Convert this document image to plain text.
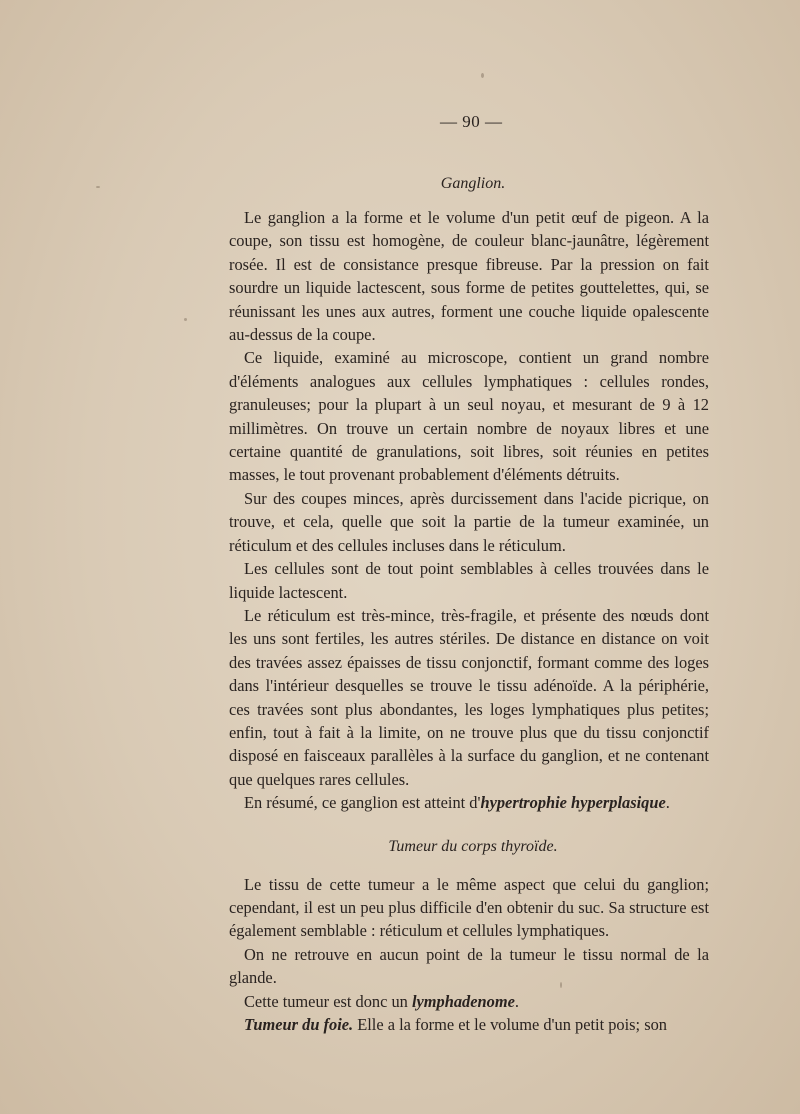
— 90 —
Ganglion.

Le ganglion a la forme et le volume d'un petit œuf de pigeon. A la coupe, son tissu est homogène, de couleur blanc-jaunâtre, légèrement rosée. Il est de consistance presque fibreuse. Par la pression on fait sourdre un liquide lactescent, sous forme de petites gouttelettes, qui, se réunissant les unes aux autres, forment une couche liquide opalescente au-dessus de la coupe.

Ce liquide, examiné au microscope, contient un grand nombre d'éléments analogues aux cellules lymphatiques : cellules rondes, granuleuses; pour la plupart à un seul noyau, et mesurant de 9 à 12 millimètres. On trouve un certain nombre de noyaux libres et une certaine quantité de granulations, soit libres, soit réunies en petites masses, le tout provenant probablement d'éléments détruits.

Sur des coupes minces, après durcissement dans l'acide picrique, on trouve, et cela, quelle que soit la partie de la tumeur examinée, un réticulum et des cellules incluses dans le réticulum.

Les cellules sont de tout point semblables à celles trouvées dans le liquide lactescent.

Le réticulum est très-mince, très-fragile, et présente des nœuds dont les uns sont fertiles, les autres stériles. De distance en distance on voit des travées assez épaisses de tissu conjonctif, formant comme des loges dans l'intérieur desquelles se trouve le tissu adénoïde. A la périphérie, ces travées sont plus abondantes, les loges lymphatiques plus petites; enfin, tout à fait à la limite, on ne trouve plus que du tissu conjonctif disposé en faisceaux parallèles à la surface du ganglion, et ne contenant que quelques rares cellules.

En résumé, ce ganglion est atteint d'hypertrophie hyperplasique.

Tumeur du corps thyroïde.

Le tissu de cette tumeur a le même aspect que celui du ganglion; cependant, il est un peu plus difficile d'en obtenir du suc. Sa structure est également semblable : réticulum et cellules lymphatiques.

On ne retrouve en aucun point de la tumeur le tissu normal de la glande.

Cette tumeur est donc un lymphadenome.

Tumeur du foie. Elle a la forme et le volume d'un petit pois; son
